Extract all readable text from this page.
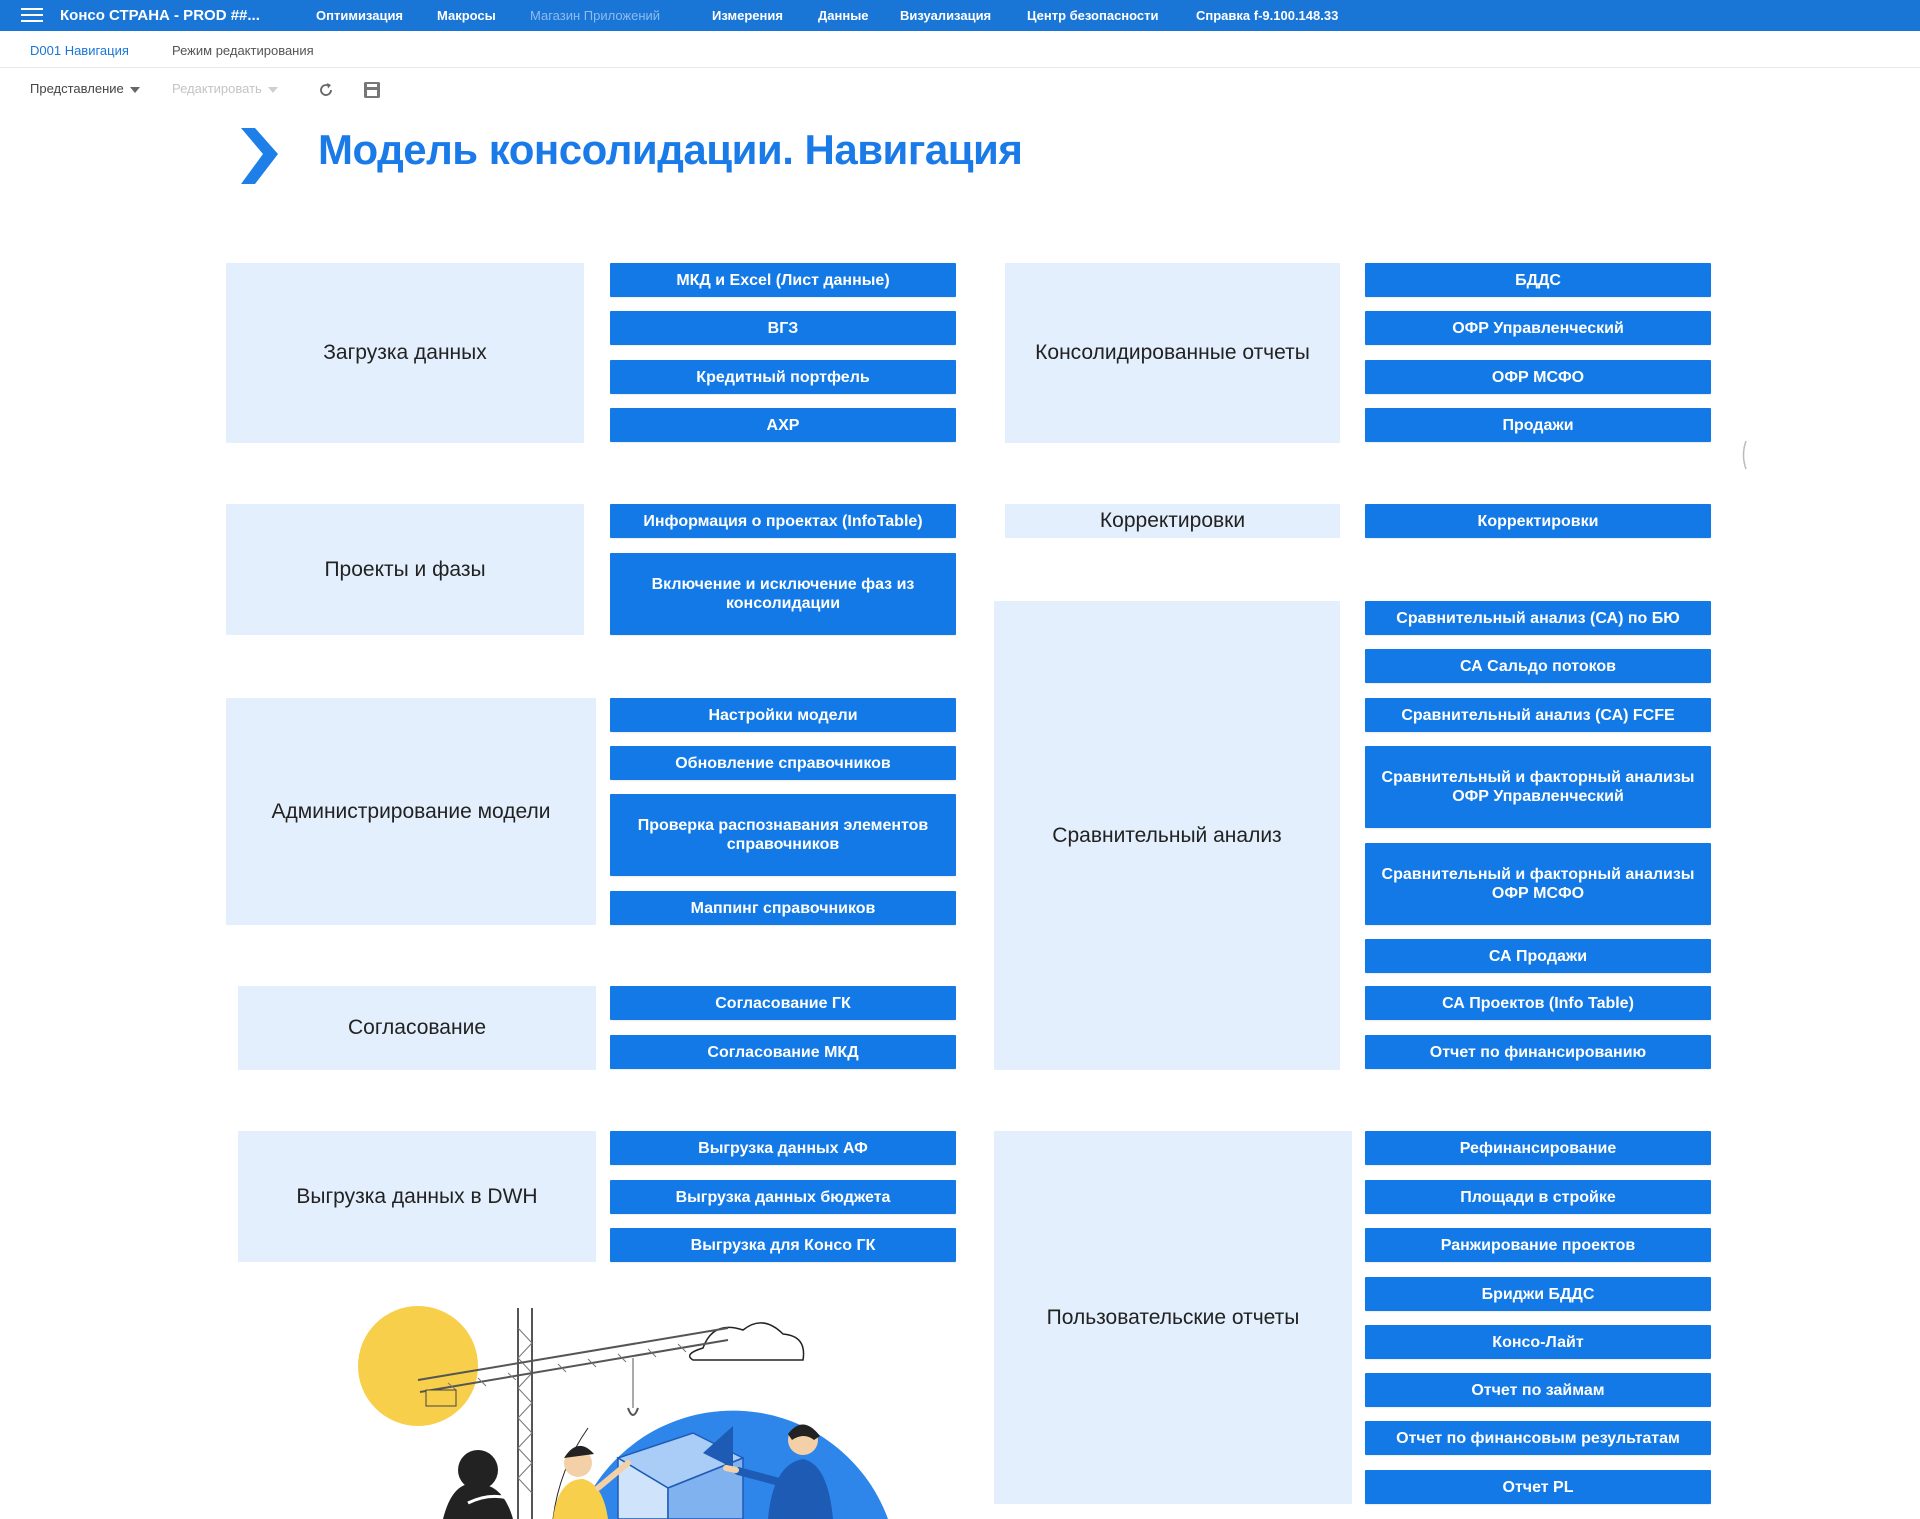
Консо СТРАНА - PROD ##...	Оптимизация	Макросы	Магазин Приложений	Измерения	Данные Визуализация	Центр безопасности	Справка f-9.100.148.33
D001 Навигация	Режим редактирования
Представление	Редактировать
Модель консолидации. Навигация
Загрузка данных
Проекты и фазы
Администрирование модели
Согласование
Выгрузка данных в DWH
Консолидированные отчеты
Корректировки
Сравнительный анализ
Пользовательские отчеты
МКД и Excel (Лист данные)
ВГЗ
Кредитный портфель
АХР
Информация о проектах (InfoTable)
Включение и исключение фаз из консолидации
Настройки модели
Обновление справочников
Проверка распознавания элементов справочников
Маппинг справочников
Согласование ГК
Согласование МКД
Выгрузка данных АФ
Выгрузка данных бюджета
Выгрузка для Консо ГК
БДДС
ОФР Управленческий
ОФР МСФО
Продажи
Корректировки
Сравнительный анализ (СА) по БЮ
СА Сальдо потоков
Сравнительный анализ (СА) FCFE
Сравнительный и факторный анализы ОФР Управленческий
Сравнительный и факторный анализы ОФР МСФО
СА Продажи
СА Проектов (Info Table)
Отчет по финансированию
Рефинансирование
Площади в стройке
Ранжирование проектов
Бриджи БДДС
Консо-Лайт
Отчет по займам
Отчет по финансовым результатам
Отчет PL
